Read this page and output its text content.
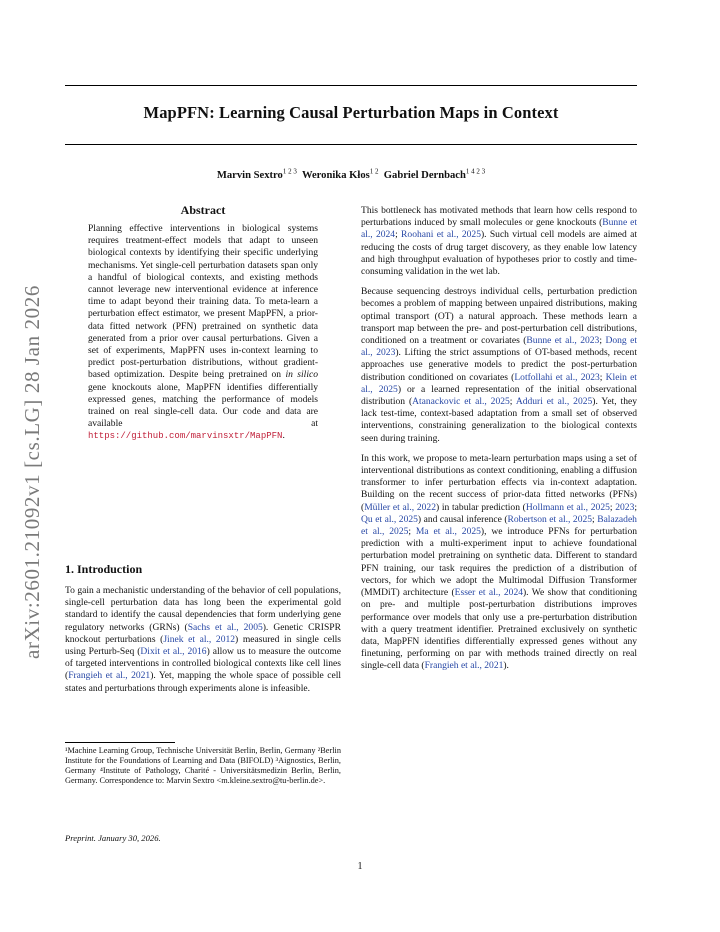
MapPFN: Learning Causal Perturbation Maps in Context
Marvin Sextro$^{1 2 3}$ Weronika Kłos$^{1 2}$ Gabriel Dernbach$^{1 4 2 3}$
arXiv:2601.21092v1 [cs.LG] 28 Jan 2026
Abstract

Planning effective interventions in biological systems requires treatment-effect models that adapt to unseen biological contexts by identifying their specific underlying mechanisms. Yet single-cell perturbation datasets span only a handful of biological contexts, and existing methods cannot leverage new interventional evidence at inference time to adapt beyond their training data. To meta-learn a perturbation effect estimator, we present MapPFN, a prior-data fitted network (PFN) pretrained on synthetic data generated from a prior over causal perturbations. Given a set of experiments, MapPFN uses in-context learning to predict post-perturbation distributions, without gradient-based optimization. Despite being pretrained on in silico gene knockouts alone, MapPFN identifies differentially expressed genes, matching the performance of models trained on real single-cell data. Our code and data are available at https://github.com/marvinsxtr/MapPFN.

1. Introduction

To gain a mechanistic understanding of the behavior of cell populations, single-cell perturbation data has long been the experimental gold standard to identify the causal dependencies that form underlying gene regulatory networks (GRNs) (Sachs et al., 2005). Genetic CRISPR knockout perturbations (Jinek et al., 2012) measured in single cells using Perturb-Seq (Dixit et al., 2016) allow us to measure the outcome of targeted interventions in controlled biological contexts like cell lines (Frangieh et al., 2021). Yet, mapping the whole space of possible cell states and perturbations through experiments alone is infeasible.

¹Machine Learning Group, Technische Universität Berlin, Berlin, Germany ²Berlin Institute for the Foundations of Learning and Data (BIFOLD) ³Aignostics, Berlin, Germany ⁴Institute of Pathology, Charité - Universitätsmedizin Berlin, Berlin, Germany. Correspondence to: Marvin Sextro <m.kleine.sextro@tu-berlin.de>.

Preprint. January 30, 2026.

This bottleneck has motivated methods that learn how cells respond to perturbations induced by small molecules or gene knockouts (Bunne et al., 2024; Roohani et al., 2025). Such virtual cell models are aimed at reducing the costs of drug target discovery, as they enable low latency and high throughput evaluation of hypotheses prior to costly and time-consuming validation in the wet lab.

Because sequencing destroys individual cells, perturbation prediction becomes a problem of mapping between unpaired distributions, making optimal transport (OT) a natural approach. These methods learn a transport map between the pre- and post-perturbation cell distributions, conditioned on a treatment or covariates (Bunne et al., 2023; Dong et al., 2023). Lifting the strict assumptions of OT-based methods, recent approaches use generative models to predict the post-perturbation distribution conditioned on covariates (Lotfollahi et al., 2023; Klein et al., 2025) or a learned representation of the initial observational distribution (Atanackovic et al., 2025; Adduri et al., 2025). Yet, they lack test-time, context-based adaptation from a small set of observed interventions, constraining generalization to the biological contexts seen during training.

In this work, we propose to meta-learn perturbation maps using a set of interventional distributions as context conditioning, enabling a diffusion transformer to infer perturbation effects via in-context adaptation. Building on the recent success of prior-data fitted networks (PFNs) (Müller et al., 2022) in tabular prediction (Hollmann et al., 2025; 2023; Qu et al., 2025) and causal inference (Robertson et al., 2025; Balazadeh et al., 2025; Ma et al., 2025), we introduce PFNs for perturbation prediction with a multi-experiment input to achieve foundational perturbation model pretraining on synthetic data. Different to standard PFN training, our task requires the prediction of a distribution of vectors, for which we adopt the Multimodal Diffusion Transformer (MMDiT) architecture (Esser et al., 2024). We show that conditioning on pre- and multiple post-perturbation distributions improves performance over models that only use a pre-perturbation distribution with a query treatment identifier. Pretrained exclusively on synthetic data, MapPFN identifies differentially expressed genes without any finetuning, performing on par with methods trained directly on real single-cell data (Frangieh et al., 2021).

1
